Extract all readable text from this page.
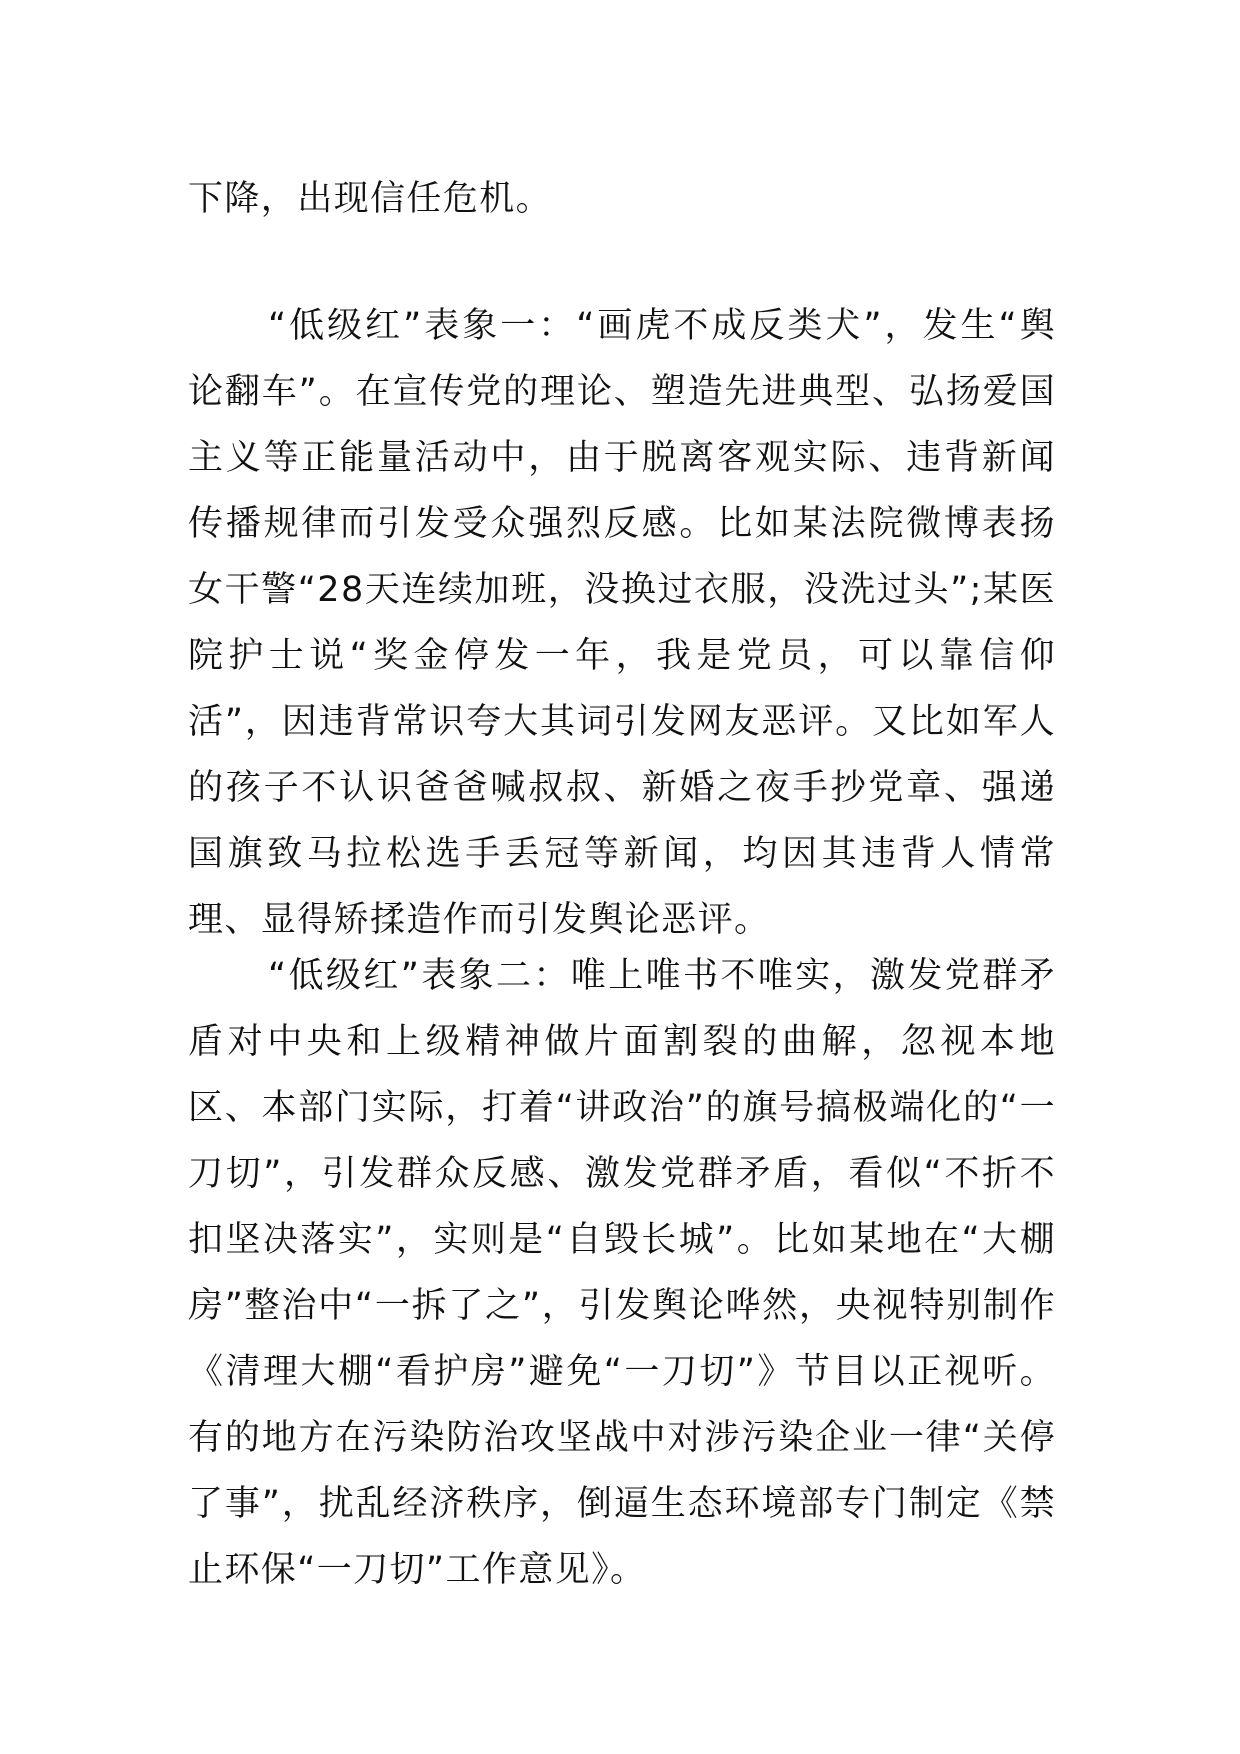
下降，出现信任危机。

“低级红”表象一：“画虎不成反类犬”，发生“舆论翻车”。在宣传党的理论、塑造先进典型、弘扬爱国主义等正能量活动中，由于脱离客观实际、违背新闻传播规律而引发受众强烈反感。比如某法院微博表扬女干警“28天连续加班，没换过衣服，没洗过头”;某医院护士说“奖金停发一年，我是党员，可以靠信仰活”，因违背常识夸大其词引发网友恶评。又比如军人的孩子不认识爸爸喊叔叔、新婚之夜手抄党章、强递国旗致马拉松选手丢冠等新闻，均因其违背人情常理、显得矫揉造作而引发舆论恶评。

“低级红”表象二：唯上唯书不唯实，激发党群矛盾对中央和上级精神做片面割裂的曲解，忽视本地区、本部门实际，打着“讲政治”的旗号搞极端化的“一刀切”，引发群众反感、激发党群矛盾，看似“不折不扣坚决落实”，实则是“自毁长城”。比如某地在“大棚房”整治中“一拆了之”，引发舆论哗然，央视特别制作《清理大棚“看护房”避免“一刀切”》节目以正视听。有的地方在污染防治攻坚战中对涉污染企业一律“关停了事”，扰乱经济秩序，倒逼生态环境部专门制定《禁止环保“一刀切”工作意见》。
